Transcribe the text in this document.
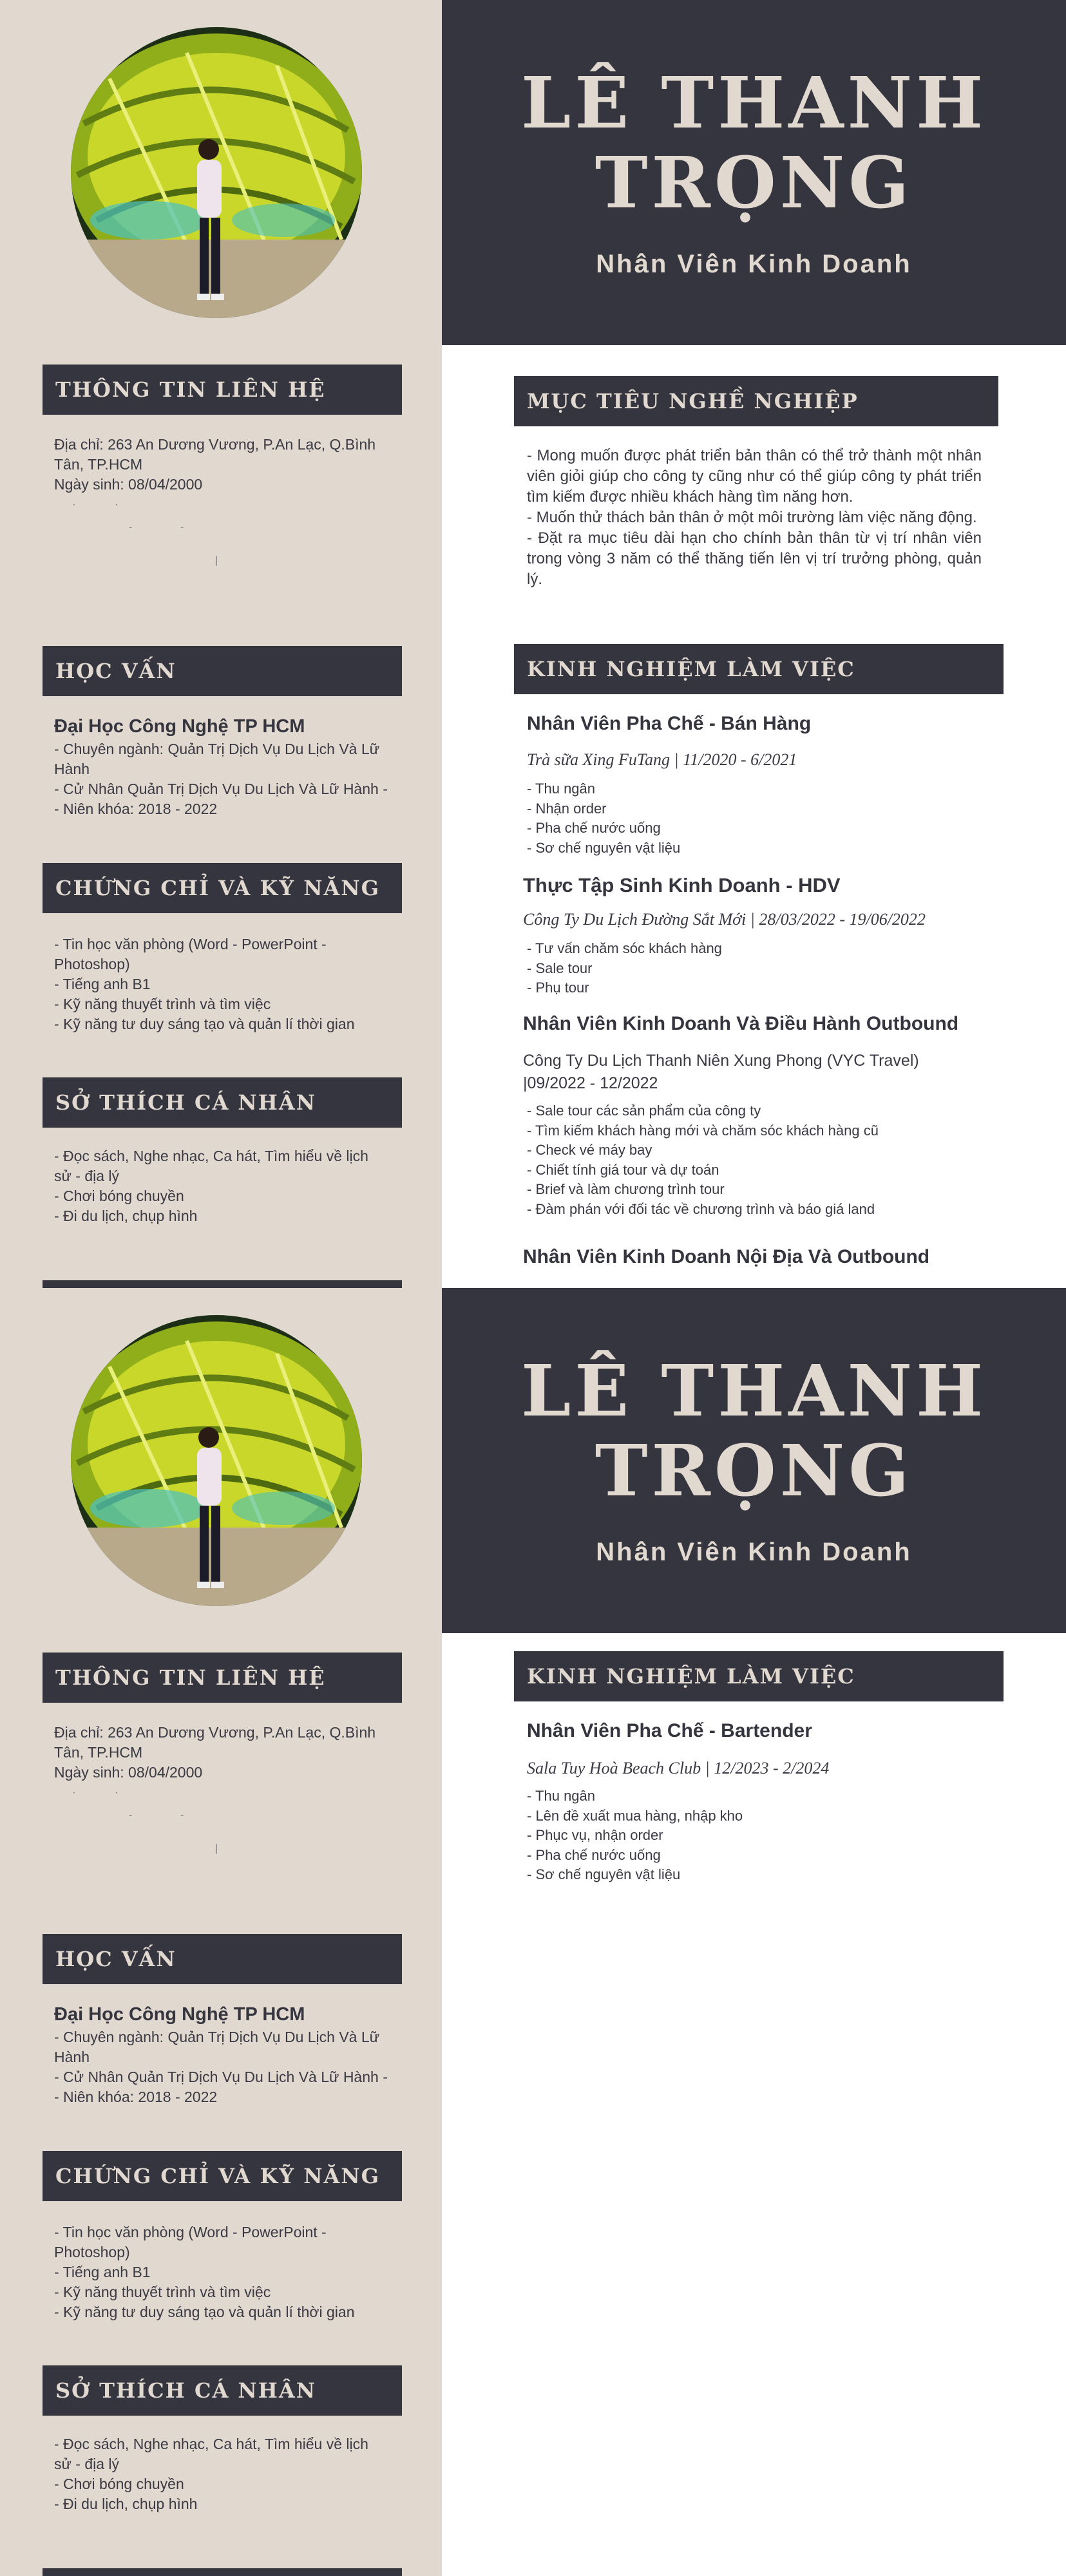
LÊ THANH TRỌNG
Nhân Viên Kinh Doanh
THÔNG TIN LIÊN HỆ
Địa chỉ: 263 An Dương Vương, P.An Lạc, Q.Bình Tân, TP.HCM
Ngày sinh: 08/04/2000
·	·
-	-
|
HỌC VẤN
Đại Học Công Nghệ TP HCM
- Chuyên ngành: Quản Trị Dịch Vụ Du Lịch Và Lữ Hành
- Cử Nhân Quản Trị Dịch Vụ Du Lịch Và Lữ Hành -
- Niên khóa: 2018 - 2022
CHỨNG CHỈ VÀ KỸ NĂNG
- Tin học văn phòng (Word - PowerPoint - Photoshop)
- Tiếng anh B1
- Kỹ năng thuyết trình và tìm việc
- Kỹ năng tư duy sáng tạo và quản lí thời gian
SỞ THÍCH CÁ NHÂN
- Đọc sách, Nghe nhạc, Ca hát, Tìm hiểu về lịch sử - địa lý
- Chơi bóng chuyền
- Đi du lịch, chụp hình
MỤC TIÊU NGHỀ NGHIỆP
- Mong muốn được phát triển bản thân có thể trở thành một nhân viên giỏi giúp cho công ty cũng như có thể giúp công ty phát triển tìm kiếm được nhiều khách hàng tìm năng hơn.
- Muốn thử thách bản thân ở một môi trường làm việc năng động.
- Đặt ra mục tiêu dài hạn cho chính bản thân từ vị trí nhân viên trong vòng 3 năm có thể thăng tiến lên vị trí trưởng phòng, quản lý.
KINH NGHIỆM LÀM VIỆC
Nhân Viên Pha Chế - Bán Hàng
Trà sữa Xing FuTang | 11/2020 - 6/2021
- Thu ngân
- Nhận order
- Pha chế nước uống
- Sơ chế nguyên vật liệu
Thực Tập Sinh Kinh Doanh - HDV
Công Ty Du Lịch Đường Sắt Mới | 28/03/2022 - 19/06/2022
- Tư vấn chăm sóc khách hàng
- Sale tour
- Phụ tour
Nhân Viên Kinh Doanh Và Điều Hành Outbound
Công Ty Du Lịch Thanh Niên Xung Phong (VYC Travel)
|09/2022 - 12/2022
- Sale tour các sản phẩm của công ty
- Tìm kiếm khách hàng mới và chăm sóc khách hàng cũ
- Check vé máy bay
- Chiết tính giá tour và dự toán
- Brief và làm chương trình tour
- Đàm phán với đối tác về chương trình và báo giá land
Nhân Viên Kinh Doanh Nội Địa Và Outbound
LÊ THANH TRỌNG
Nhân Viên Kinh Doanh
THÔNG TIN LIÊN HỆ
Địa chỉ: 263 An Dương Vương, P.An Lạc, Q.Bình Tân, TP.HCM
Ngày sinh: 08/04/2000
·	·
-	-
|
HỌC VẤN
Đại Học Công Nghệ TP HCM
- Chuyên ngành: Quản Trị Dịch Vụ Du Lịch Và Lữ Hành
- Cử Nhân Quản Trị Dịch Vụ Du Lịch Và Lữ Hành -
- Niên khóa: 2018 - 2022
CHỨNG CHỈ VÀ KỸ NĂNG
- Tin học văn phòng (Word - PowerPoint - Photoshop)
- Tiếng anh B1
- Kỹ năng thuyết trình và tìm việc
- Kỹ năng tư duy sáng tạo và quản lí thời gian
SỞ THÍCH CÁ NHÂN
- Đọc sách, Nghe nhạc, Ca hát, Tìm hiểu về lịch sử - địa lý
- Chơi bóng chuyền
- Đi du lịch, chụp hình
KINH NGHIỆM LÀM VIỆC
Nhân Viên Pha Chế - Bartender
Sala Tuy Hoà Beach Club | 12/2023 - 2/2024
- Thu ngân
- Lên đề xuất mua hàng, nhập kho
- Phục vụ, nhận order
- Pha chế nước uống
- Sơ chế nguyên vật liệu
